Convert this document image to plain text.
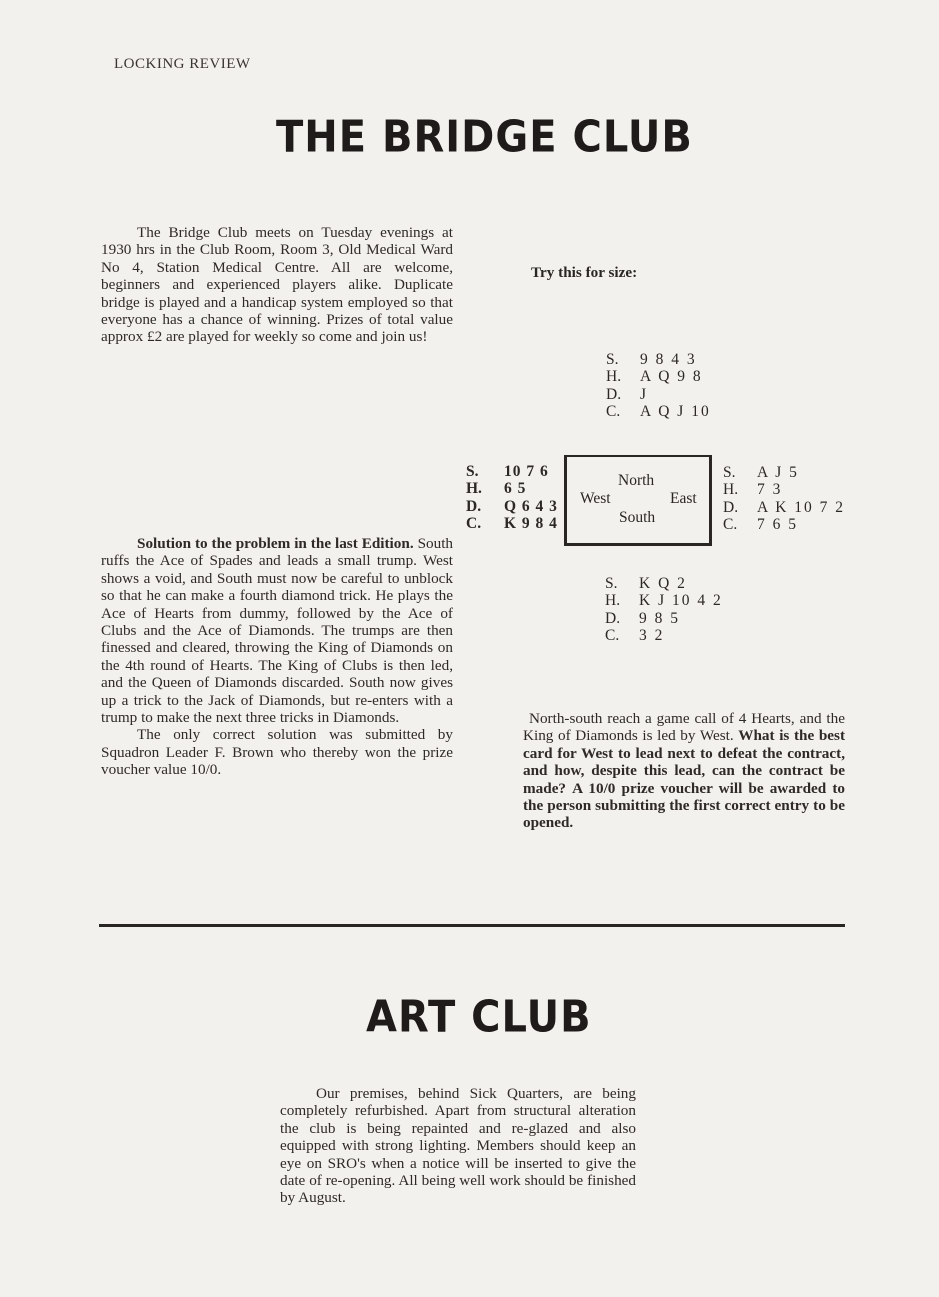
LOCKING REVIEW
THE BRIDGE CLUB

The Bridge Club meets on Tuesday evenings at 1930 hrs in the Club Room, Room 3, Old Medical Ward No 4, Station Medical Centre. All are welcome, beginners and experienced players alike. Duplicate bridge is played and a handicap system employed so that everyone has a chance of winning. Prizes of total value approx £2 are played for weekly so come and join us!

Try this for size:
S.	9 8 4 3
H.	A Q 9 8
D.	J
C.	A Q J 10
S.	10 7 6
H.	6 5
D.	Q 6 4 3
C.	K 9 8 4
North
West	East
South
S.	A J 5
H.	7 3
D.	A K 10 7 2
C.	7 6 5
S.	K Q 2
H.	K J 10 4 2
D.	9 8 5
C.	3 2

Solution to the problem in the last Edition. South ruffs the Ace of Spades and leads a small trump. West shows a void, and South must now be careful to unblock so that he can make a fourth diamond trick. He plays the Ace of Hearts from dummy, followed by the Ace of Clubs and the Ace of Diamonds. The trumps are then finessed and cleared, throwing the King of Diamonds on the 4th round of Hearts. The King of Clubs is then led, and the Queen of Diamonds discarded. South now gives up a trick to the Jack of Diamonds, but re-enters with a trump to make the next three tricks in Diamonds.

The only correct solution was submitted by Squadron Leader F. Brown who thereby won the prize voucher value 10/0.

North-south reach a game call of 4 Hearts, and the King of Diamonds is led by West. What is the best card for West to lead next to defeat the contract, and how, despite this lead, can the contract be made? A 10/0 prize voucher will be awarded to the person submitting the first correct entry to be opened.

ART CLUB

Our premises, behind Sick Quarters, are being completely refurbished. Apart from structural alteration the club is being repainted and re-glazed and also equipped with strong lighting. Members should keep an eye on SRO's when a notice will be inserted to give the date of re-opening. All being well work should be finished by August.
